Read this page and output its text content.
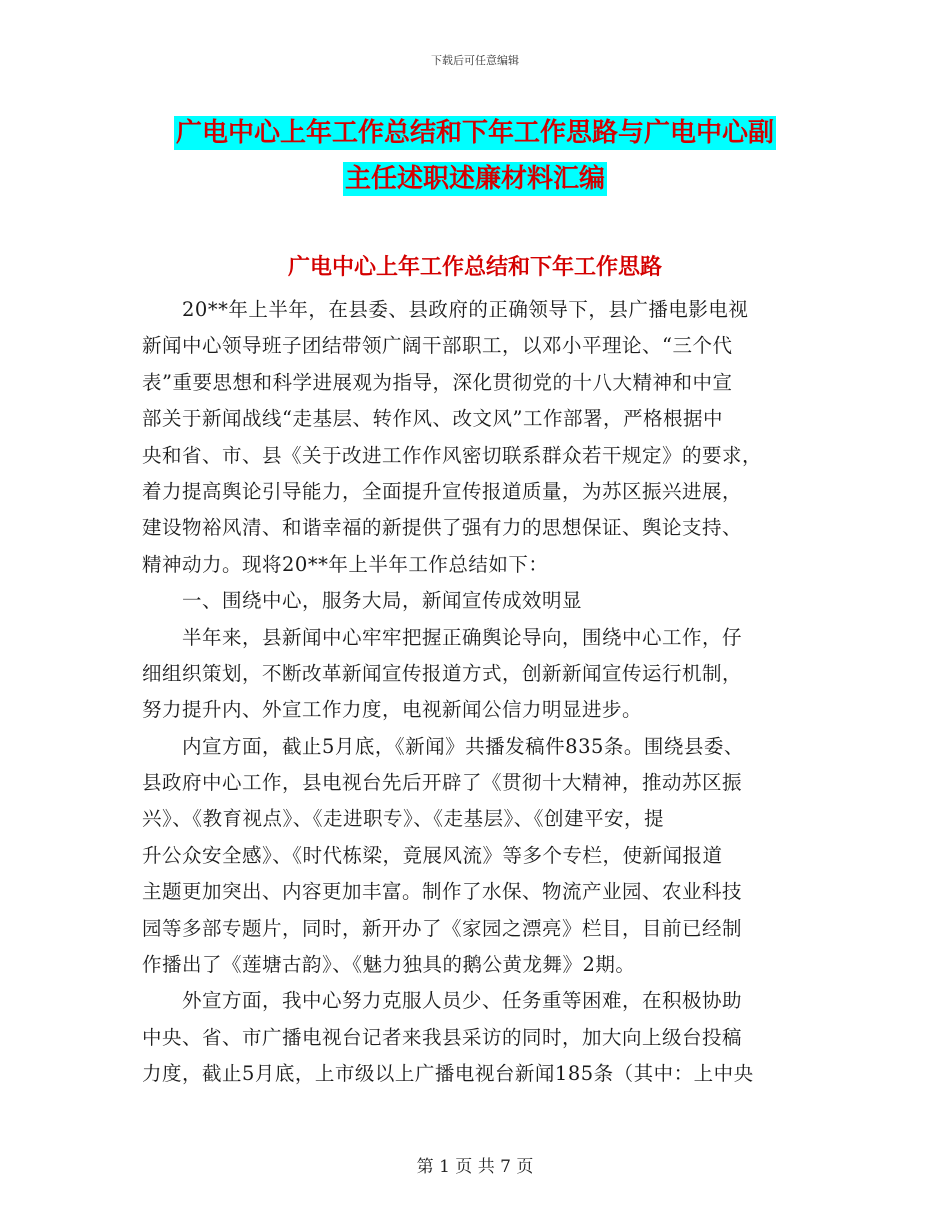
下载后可任意编辑
广电中心上年工作总结和下年工作思路与广电中心副
主任述职述廉材料汇编
广电中心上年工作总结和下年工作思路
　　20**年上半年，在县委、县政府的正确领导下，县广播电影电视
新闻中心领导班子团结带领广阔干部职工，以邓小平理论、“三个代
表”重要思想和科学进展观为指导，深化贯彻党的十八大精神和中宣
部关于新闻战线“走基层、转作风、改文风”工作部署，严格根据中
央和省、市、县《关于改进工作作风密切联系群众若干规定》的要求，
着力提高舆论引导能力，全面提升宣传报道质量，为苏区振兴进展，
建设物裕风清、和谐幸福的新提供了强有力的思想保证、舆论支持、
精神动力。现将20**年上半年工作总结如下：
　　一、围绕中心，服务大局，新闻宣传成效明显
　　半年来，县新闻中心牢牢把握正确舆论导向，围绕中心工作，仔
细组织策划，不断改革新闻宣传报道方式，创新新闻宣传运行机制，
努力提升内、外宣工作力度，电视新闻公信力明显进步。
　　内宣方面，截止5月底，《新闻》共播发稿件835条。围绕县委、
县政府中心工作，县电视台先后开辟了《贯彻十大精神，推动苏区振
兴》、《教育视点》、《走进职专》、《走基层》、《创建平安，提
升公众安全感》、《时代栋梁，竟展风流》等多个专栏，使新闻报道
主题更加突出、内容更加丰富。制作了水保、物流产业园、农业科技
园等多部专题片，同时，新开办了《家园之漂亮》栏目，目前已经制
作播出了《莲塘古韵》、《魅力独具的鹅公黄龙舞》2期。
　　外宣方面，我中心努力克服人员少、任务重等困难，在积极协助
中央、省、市广播电视台记者来我县采访的同时，加大向上级台投稿
力度，截止5月底，上市级以上广播电视台新闻185条（其中：上中央
第 1 页 共 7 页
